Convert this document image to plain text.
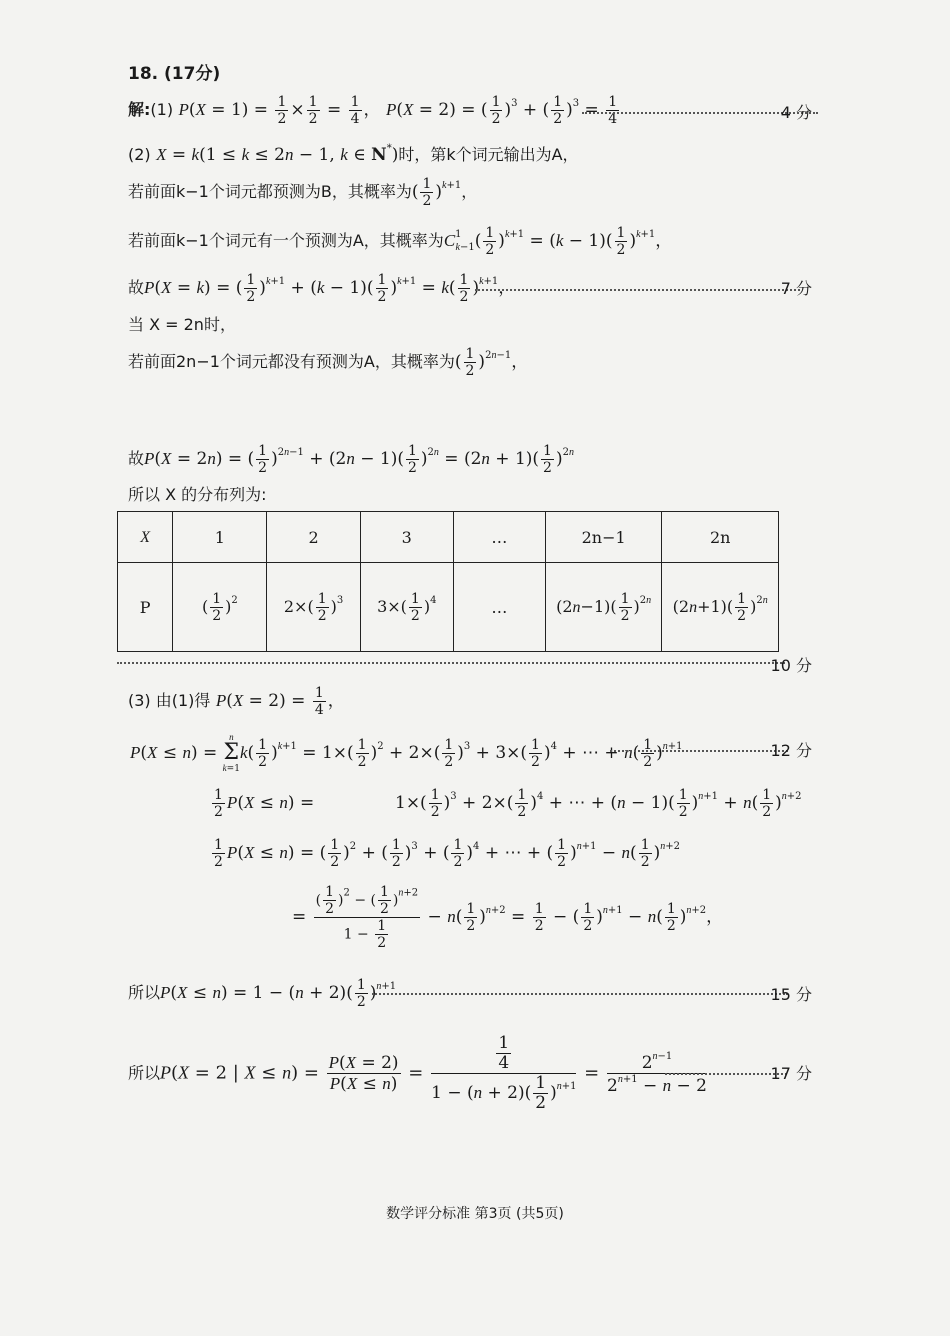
18. (17分)
解:(1) $P(X = 1) = \frac{1}{2} \times \frac{1}{2} = \frac{1}{4}$ ， P(X = 2) = ( $\frac{1}{2} )^3$ + ( $\frac{1}{2} )^3 = \frac{1}{4}$	4 分
(2) X = k(1 ≤ k ≤ 2n − 1, k ∈ N*)时，第k个词元输出为A，
若前面k−1个词元都预测为B，其概率为( $\frac{1}{2} )^{k+1}$，
若前面k−1个词元有一个预测为A，其概率为$C^1_{k-1}( \frac{1}{2} )^{k+1} = (k - 1)( \frac{1}{2} )^{k+1}$，
故P(X = k) = ( $\frac{1}{2} )^{k+1} + (k - 1)( \frac{1}{2} )^{k+1} = k( \frac{1}{2} )^{k+1}$，	7 分
当 X = 2n时，
若前面2n−1个词元都没有预测为A，其概率为( $\frac{1}{2} )^{2n-1}$，
故P(X = 2n) = ( $\frac{1}{2} )^{2n-1} + (2n - 1)( \frac{1}{2} )^{2n} = (2n + 1)( \frac{1}{2} )^{2n}$
所以 X 的分布列为:
X	1	2	3	…	2n−1	2n
P	( $\frac{1}{2} )^2$	$2\times( \frac{1}{2} )^3$	$3\times( \frac{1}{2} )^4$	…	$(2n-1)( \frac{1}{2} )^{2n}$	$(2n+1)( \frac{1}{2} )^{2n}$
10 分
(3) 由(1)得 $P(X = 2) = \frac{1}{4}$ ，
P(X ≤ n) =
n
Σ
k=1
$k( \frac{1}{2} )^{k+1} = 1\times( \frac{1}{2} )^2 + 2\times( \frac{1}{2} )^3 + 3\times( \frac{1}{2} )^4$ + ⋯ + $n( \frac{1}{2} )^{n+1}$	12 分
$\frac{1}{2} P(X \le n)$ =	$1\times( \frac{1}{2} )^3 + 2\times( \frac{1}{2} )^4$ + ⋯ + $(n - 1)( \frac{1}{2} )^{n+1} + n( \frac{1}{2} )^{n+2}$
$\frac{1}{2} P(X \le n)$ = ( $\frac{1}{2} )^2$ + ( $\frac{1}{2} )^3$ + ( $\frac{1}{2} )^4$ + ⋯ + ( $\frac{1}{2} )^{n+1} - n( \frac{1}{2} )^{n+2}$
= $\frac{( \frac{1}{2} )^2 - ( \frac{1}{2} )^{n+2}}{1 - \frac{1}{2}} - n( \frac{1}{2} )^{n+2} = \frac{1}{2}$ − ( $\frac{1}{2} )^{n+1} - n( \frac{1}{2} )^{n+2}$，
所以$P(X \le n) = 1 - (n + 2)( \frac{1}{2} )^{n+1}$	15 分
所以P(X = 2 | $X \le n) = \frac{P(X = 2)}{P(X \le n)} = \frac{\frac{1}{4}}{1 - (n + 2)( \frac{1}{2} )^{n+1}} = \frac{2^{n-1}}{2^{n+1} - n - 2}$	17 分
数学评分标准 第3页 (共5页)
